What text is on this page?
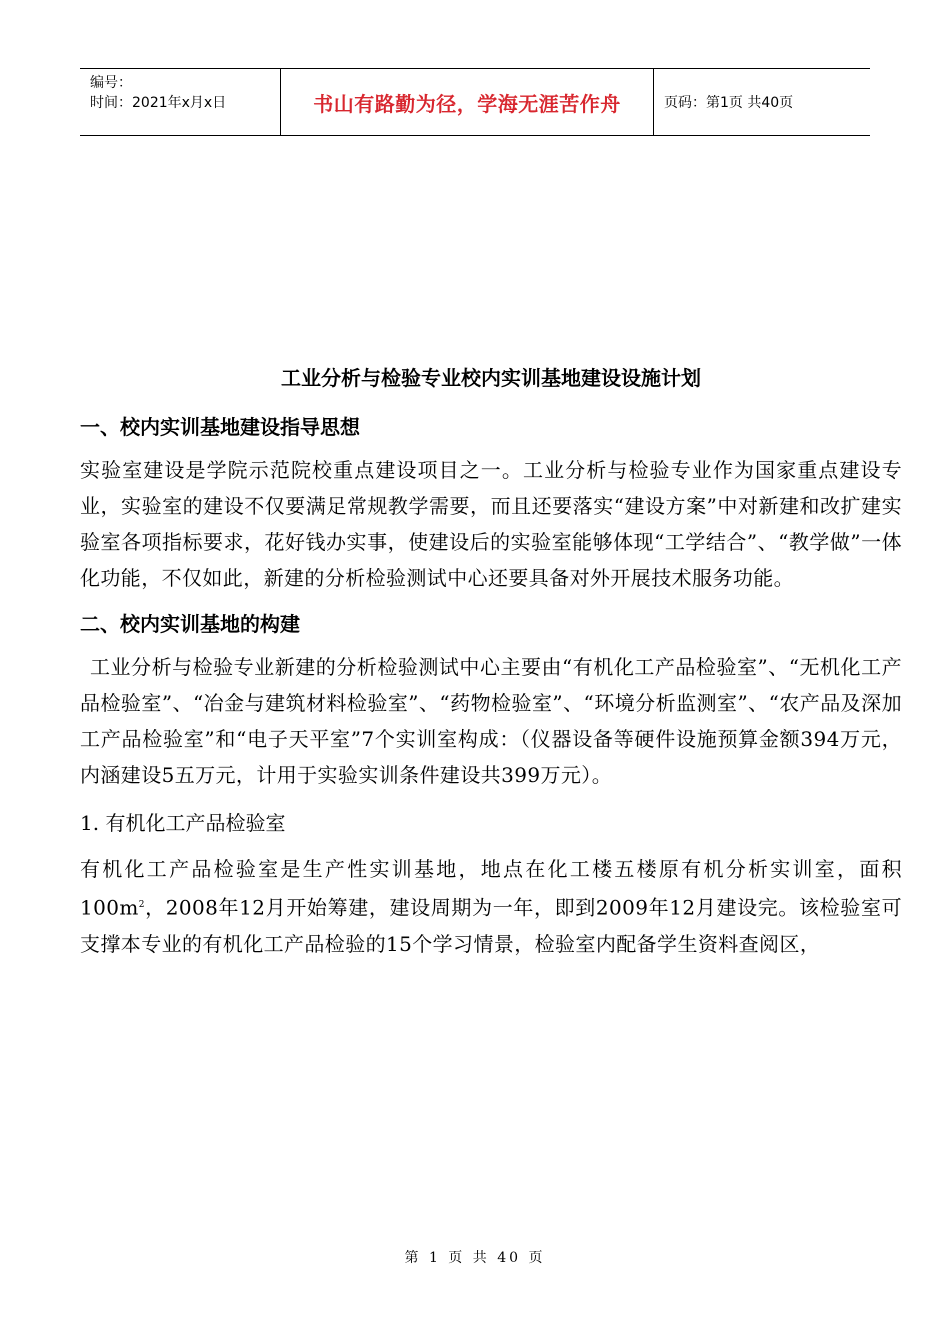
编号：
时间：2021年x月x日	书山有路勤为径，学海无涯苦作舟	页码：第1页 共40页
工业分析与检验专业校内实训基地建设设施计划
一、校内实训基地建设指导思想

实验室建设是学院示范院校重点建设项目之一。工业分析与检验专业作为国家重点建设专业，实验室的建设不仅要满足常规教学需要，而且还要落实“建设方案”中对新建和改扩建实验室各项指标要求，花好钱办实事，使建设后的实验室能够体现“工学结合”、“教学做”一体化功能，不仅如此，新建的分析检验测试中心还要具备对外开展技术服务功能。

二、校内实训基地的构建

工业分析与检验专业新建的分析检验测试中心主要由“有机化工产品检验室”、“无机化工产品检验室”、“冶金与建筑材料检验室”、“药物检验室”、“环境分析监测室”、“农产品及深加工产品检验室”和“电子天平室”7个实训室构成：（仪器设备等硬件设施预算金额394万元，内涵建设5五万元，计用于实验实训条件建设共399万元）。

1. 有机化工产品检验室

有机化工产品检验室是生产性实训基地，地点在化工楼五楼原有机分析实训室，面积$100m^2$，2008年12月开始筹建，建设周期为一年，即到2009年12月建设完。该检验室可支撑本专业的有机化工产品检验的15个学习情景，检验室内配备学生资料查阅区，

第 1 页 共 40 页
